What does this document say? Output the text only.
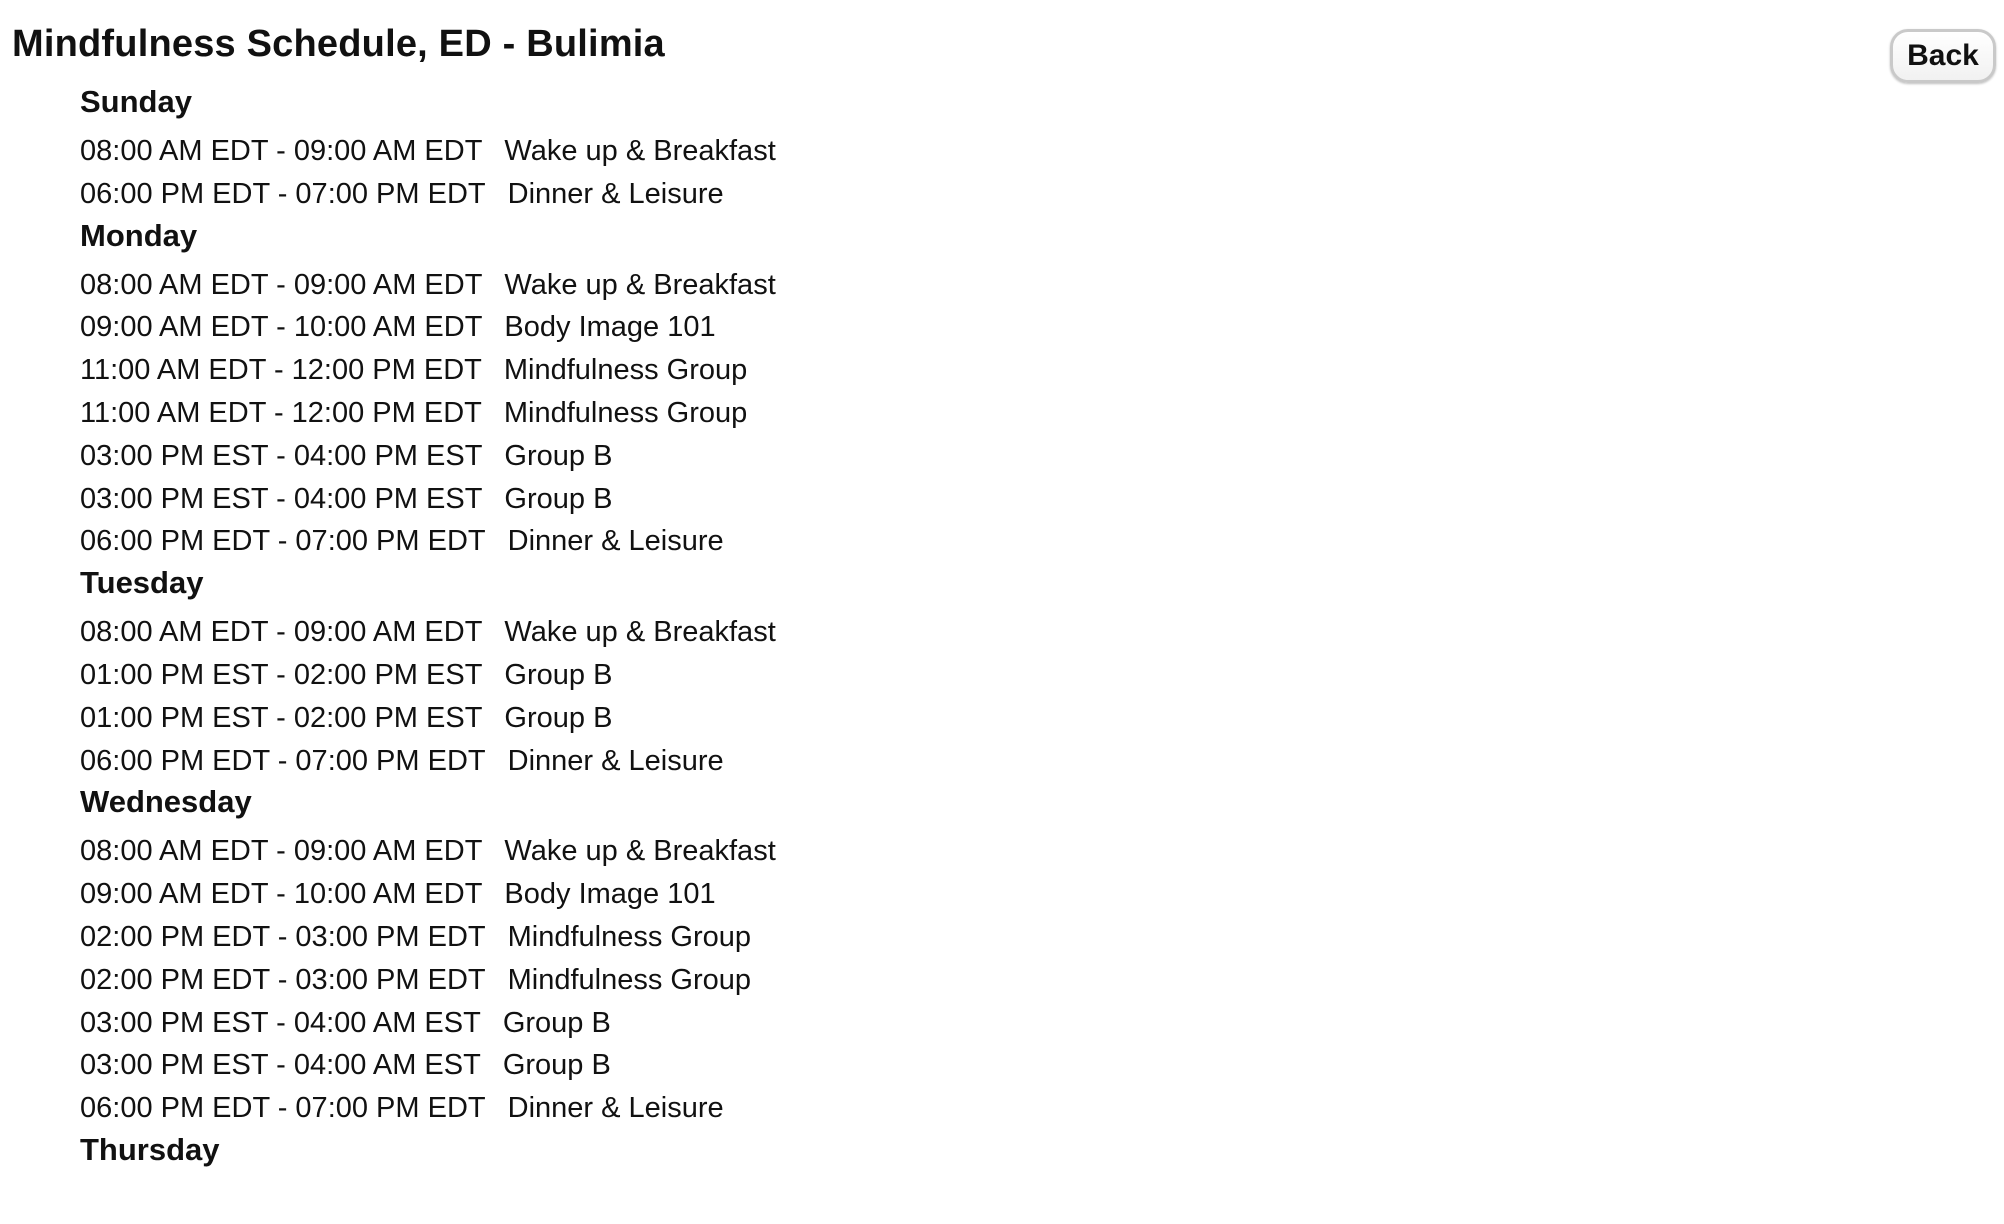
Mindfulness Schedule, ED - Bulimia	Back
Sunday
08:00 AM EDT - 09:00 AM EDT Wake up & Breakfast
06:00 PM EDT - 07:00 PM EDT Dinner & Leisure
Monday
08:00 AM EDT - 09:00 AM EDT Wake up & Breakfast
09:00 AM EDT - 10:00 AM EDT Body Image 101
11:00 AM EDT - 12:00 PM EDT Mindfulness Group
11:00 AM EDT - 12:00 PM EDT Mindfulness Group
03:00 PM EST - 04:00 PM EST Group B
03:00 PM EST - 04:00 PM EST Group B
06:00 PM EDT - 07:00 PM EDT Dinner & Leisure
Tuesday
08:00 AM EDT - 09:00 AM EDT Wake up & Breakfast
01:00 PM EST - 02:00 PM EST Group B
01:00 PM EST - 02:00 PM EST Group B
06:00 PM EDT - 07:00 PM EDT Dinner & Leisure
Wednesday
08:00 AM EDT - 09:00 AM EDT Wake up & Breakfast
09:00 AM EDT - 10:00 AM EDT Body Image 101
02:00 PM EDT - 03:00 PM EDT Mindfulness Group
02:00 PM EDT - 03:00 PM EDT Mindfulness Group
03:00 PM EST - 04:00 AM EST Group B
03:00 PM EST - 04:00 AM EST Group B
06:00 PM EDT - 07:00 PM EDT Dinner & Leisure
Thursday
